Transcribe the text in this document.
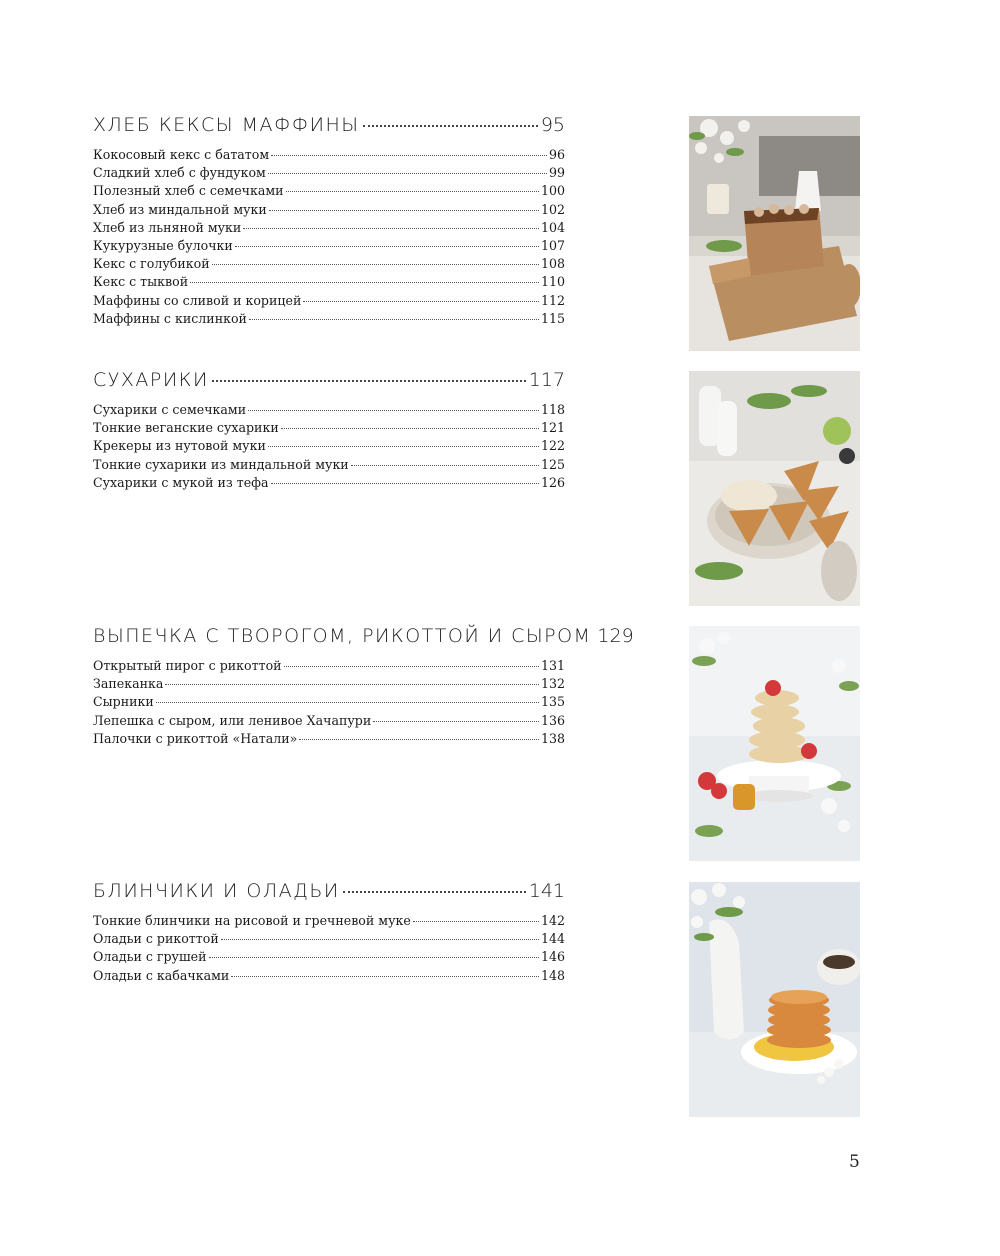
ХЛЕБ КЕКСЫ МАФФИНЫ	95
Кокосовый кекс с бататом	96
Сладкий хлеб с фундуком	99
Полезный хлеб с семечками	100
Хлеб из миндальной муки	102
Хлеб из льняной муки	104
Кукурузные булочки	107
Кекс с голубикой	108
Кекс с тыквой	110
Маффины со сливой и корицей	112
Маффины с кислинкой	115
СУХАРИКИ	117
Сухарики с семечками	118
Тонкие веганские сухарики	121
Крекеры из нутовой муки	122
Тонкие сухарики из миндальной муки	125
Сухарики с мукой из тефа	126
ВЫПЕЧКА С ТВОРОГОМ, РИКОТТОЙ И СЫРОМ 129
Открытый пирог с рикоттой	131
Запеканка	132
Сырники	135
Лепешка с сыром, или ленивое Хачапури	136
Палочки с рикоттой «Натали»	138
БЛИНЧИКИ И ОЛАДЬИ	141
Тонкие блинчики на рисовой и гречневой муке	142
Оладьи с рикоттой	144
Оладьи с грушей	146
Оладьи с кабачками	148
5
